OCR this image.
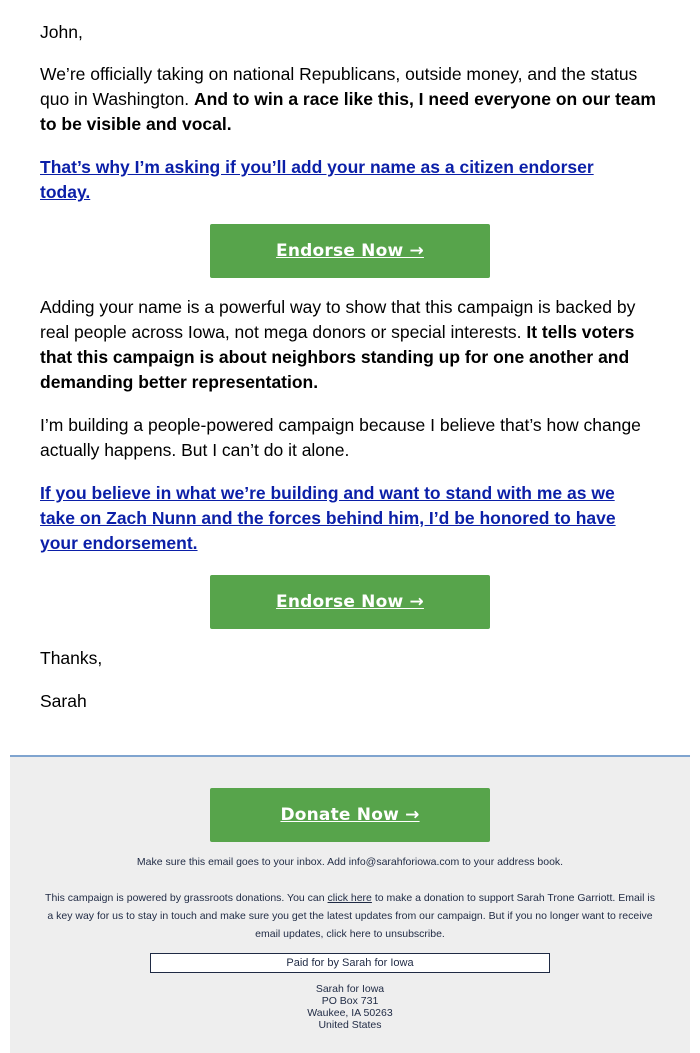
John,

We’re officially taking on national Republicans, outside money, and the status quo in Washington. And to win a race like this, I need everyone on our team to be visible and vocal.

That’s why I’m asking if you’ll add your name as a citizen endorser today.

Adding your name is a powerful way to show that this campaign is backed by real people across Iowa, not mega donors or special interests. It tells voters that this campaign is about neighbors standing up for one another and demanding better representation.

I’m building a people-powered campaign because I believe that’s how change actually happens. But I can’t do it alone.

If you believe in what we’re building and want to stand with me as we take on Zach Nunn and the forces behind him, I’d be honored to have your endorsement.

Thanks,

Sarah

Endorse Now →
Endorse Now →
Donate Now →
Make sure this email goes to your inbox. Add info@sarahforiowa.com to your address book.
This campaign is powered by grassroots donations. You can click here to make a donation to support Sarah Trone Garriott. Email is a key way for us to stay in touch and make sure you get the latest updates from our campaign. But if you no longer want to receive email updates, click here to unsubscribe.
Paid for by Sarah for Iowa
Sarah for Iowa
PO Box 731
Waukee, IA 50263
United States
